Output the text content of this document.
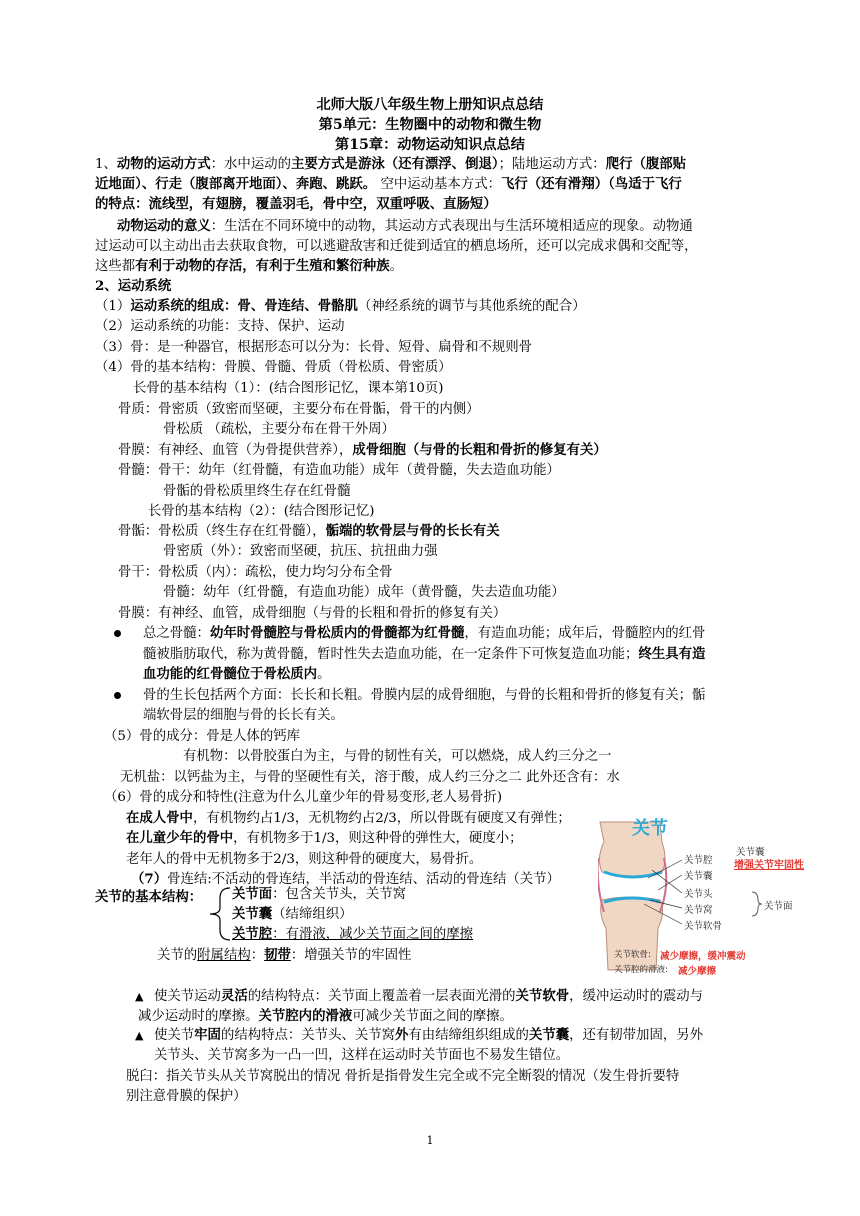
北师大版八年级生物上册知识点总结
第5单元：生物圈中的动物和微生物
第15章：动物运动知识点总结
1、动物的运动方式：水中运动的主要方式是游泳（还有漂浮、倒退）；陆地运动方式：爬行（腹部贴
近地面）、行走（腹部离开地面）、奔跑、跳跃。 空中运动基本方式：飞行（还有滑翔）（鸟适于飞行
的特点：流线型，有翅膀，覆盖羽毛，骨中空，双重呼吸、直肠短）
动物运动的意义：生活在不同环境中的动物，其运动方式表现出与生活环境相适应的现象。动物通
过运动可以主动出击去获取食物，可以逃避敌害和迁徙到适宜的栖息场所，还可以完成求偶和交配等，
这些都有利于动物的存活，有利于生殖和繁衍种族。
2、运动系统
（1）运动系统的组成：骨、骨连结、骨骼肌（神经系统的调节与其他系统的配合）
（2）运动系统的功能：支持、保护、运动
（3）骨：是一种器官，根据形态可以分为：长骨、短骨、扁骨和不规则骨
（4）骨的基本结构：骨膜、骨髓、骨质（骨松质、骨密质）
长骨的基本结构（1）：(结合图形记忆，课本第10页)
骨质：骨密质（致密而坚硬，主要分布在骨骺，骨干的内侧）
骨松质 （疏松，主要分布在骨干外周）
骨膜：有神经、血管（为骨提供营养），成骨细胞（与骨的长粗和骨折的修复有关）
骨髓：骨干：幼年（红骨髓，有造血功能）成年（黄骨髓，失去造血功能）
骨骺的骨松质里终生存在红骨髓
长骨的基本结构（2）：(结合图形记忆)
骨骺：骨松质（终生存在红骨髓），骺端的软骨层与骨的长长有关
骨密质（外）：致密而坚硬，抗压、抗扭曲力强
骨干：骨松质（内）：疏松，使力均匀分布全骨
骨髓：幼年（红骨髓，有造血功能）成年（黄骨髓，失去造血功能）
骨膜：有神经、血管，成骨细胞（与骨的长粗和骨折的修复有关）
总之骨髓：幼年时骨髓腔与骨松质内的骨髓都为红骨髓，有造血功能；成年后，骨髓腔内的红骨
髓被脂肪取代，称为黄骨髓，暂时性失去造血功能，在一定条件下可恢复造血功能；终生具有造
血功能的红骨髓位于骨松质内。
骨的生长包括两个方面：长长和长粗。骨膜内层的成骨细胞，与骨的长粗和骨折的修复有关；骺
端软骨层的细胞与骨的长长有关。
（5）骨的成分：骨是人体的钙库
有机物：以骨胶蛋白为主，与骨的韧性有关，可以燃烧，成人约三分之一
无机盐：以钙盐为主，与骨的坚硬性有关，溶于酸，成人约三分之二 此外还含有：水
（6）骨的成分和特性(注意为什么儿童少年的骨易变形,老人易骨折)
在成人骨中，有机物约占1/3，无机物约占2/3，所以骨既有硬度又有弹性；
在儿童少年的骨中，有机物多于1/3，则这种骨的弹性大，硬度小；
老年人的骨中无机物多于2/3，则这种骨的硬度大，易骨折。
（7）骨连结:不活动的骨连结，半活动的骨连结、活动的骨连结（关节）
关节的基本结构： 关节面：包含关节头，关节窝
关节囊（结缔组织）
关节腔：有滑液，减少关节面之间的摩擦
关节的附属结构：韧带：增强关节的牢固性
关节
关节腔
关节囊
关节头
关节窝
关节软骨
关节囊
增强关节牢固性
关节面
关节软骨: 减少摩擦，缓冲震动
关节腔的滑液: 减少摩擦
▲ 使关节运动灵活的结构特点：关节面上覆盖着一层表面光滑的关节软骨，缓冲运动时的震动与
减少运动时的摩擦。关节腔内的滑液可减少关节面之间的摩擦。
▲ 使关节牢固的结构特点：关节头、关节窝外有由结缔组织组成的关节囊，还有韧带加固，另外
关节头、关节窝多为一凸一凹，这样在运动时关节面也不易发生错位。
脱臼：指关节头从关节窝脱出的情况 骨折是指骨发生完全或不完全断裂的情况（发生骨折要特
别注意骨膜的保护）
1
